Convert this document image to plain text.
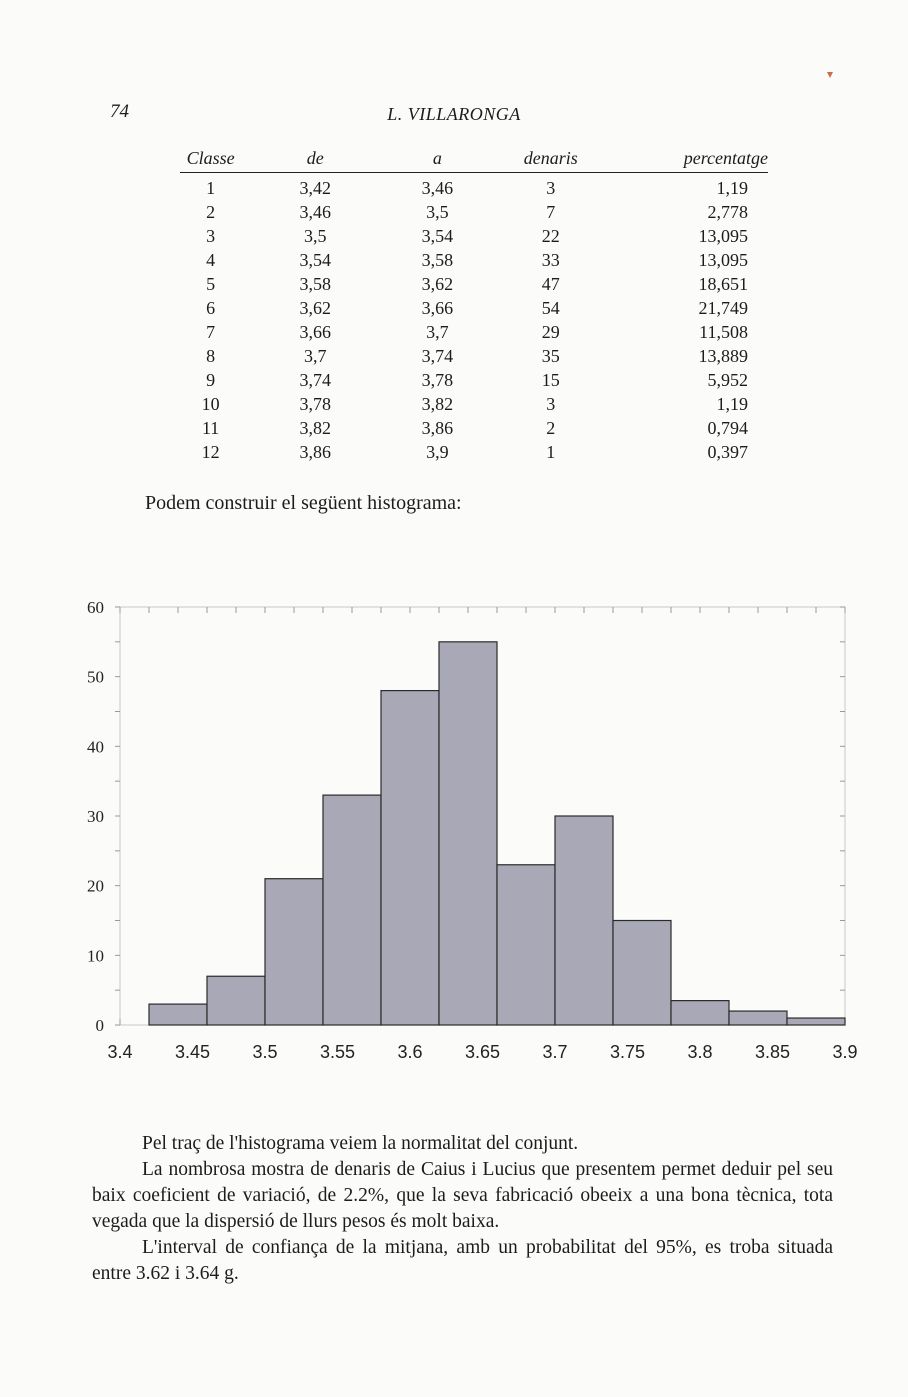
74	L. VILLARONGA
Classe	de	a	denaris	percentatge
1	3,42	3,46	3	1,19
2	3,46	3,5	7	2,778
3	3,5	3,54	22	13,095
4	3,54	3,58	33	13,095
5	3,58	3,62	47	18,651
6	3,62	3,66	54	21,749
7	3,66	3,7	29	11,508
8	3,7	3,74	35	13,889
9	3,74	3,78	15	5,952
10	3,78	3,82	3	1,19
11	3,82	3,86	2	0,794
12	3,86	3,9	1	0,397
Podem construir el següent histograma:
3.4 3.45 3.5 3.55 3.6 3.65 3.7 3.75 3.8 3.85 3.9
0
10
20
30
40
50
60

Pel traç de l'histograma veiem la normalitat del conjunt.

La nombrosa mostra de denaris de Caius i Lucius que presentem permet deduir pel seu baix coeficient de variació, de 2.2%, que la seva fabricació obeeix a una bona tècnica, tota vegada que la dispersió de llurs pesos és molt baixa.

L'interval de confiança de la mitjana, amb un probabilitat del 95%, es troba situada entre 3.62 i 3.64 g.
